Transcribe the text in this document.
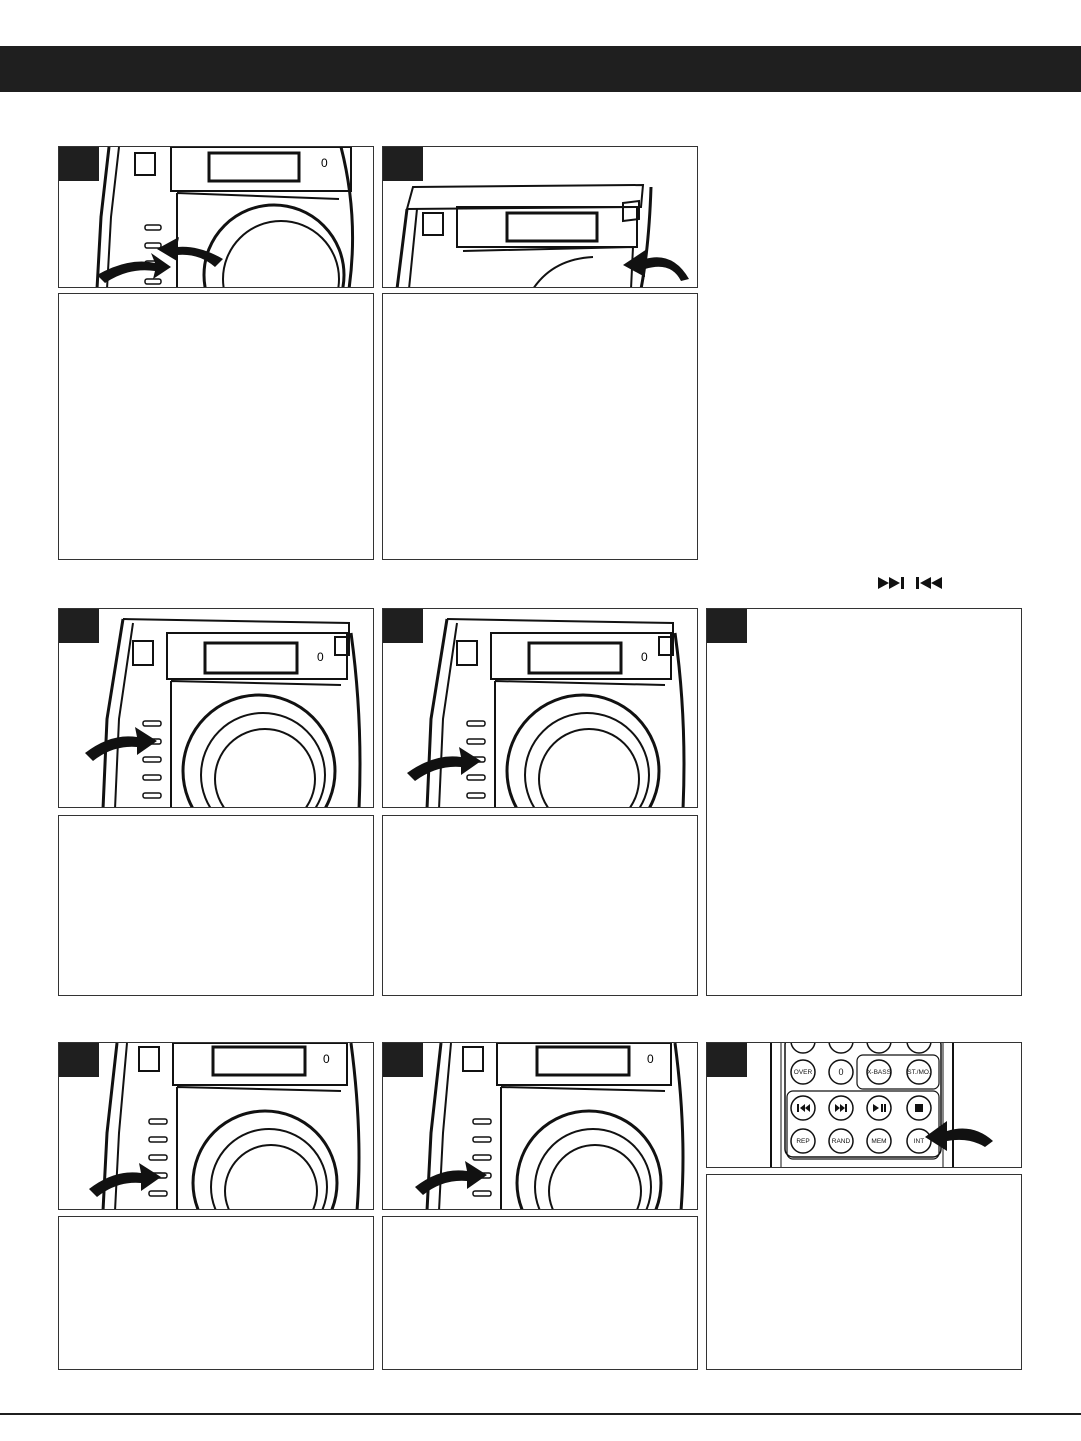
0
0	0
0	0
OVER	0	X-BASS	ST./MO.
REP	RAND	MEM	INT
